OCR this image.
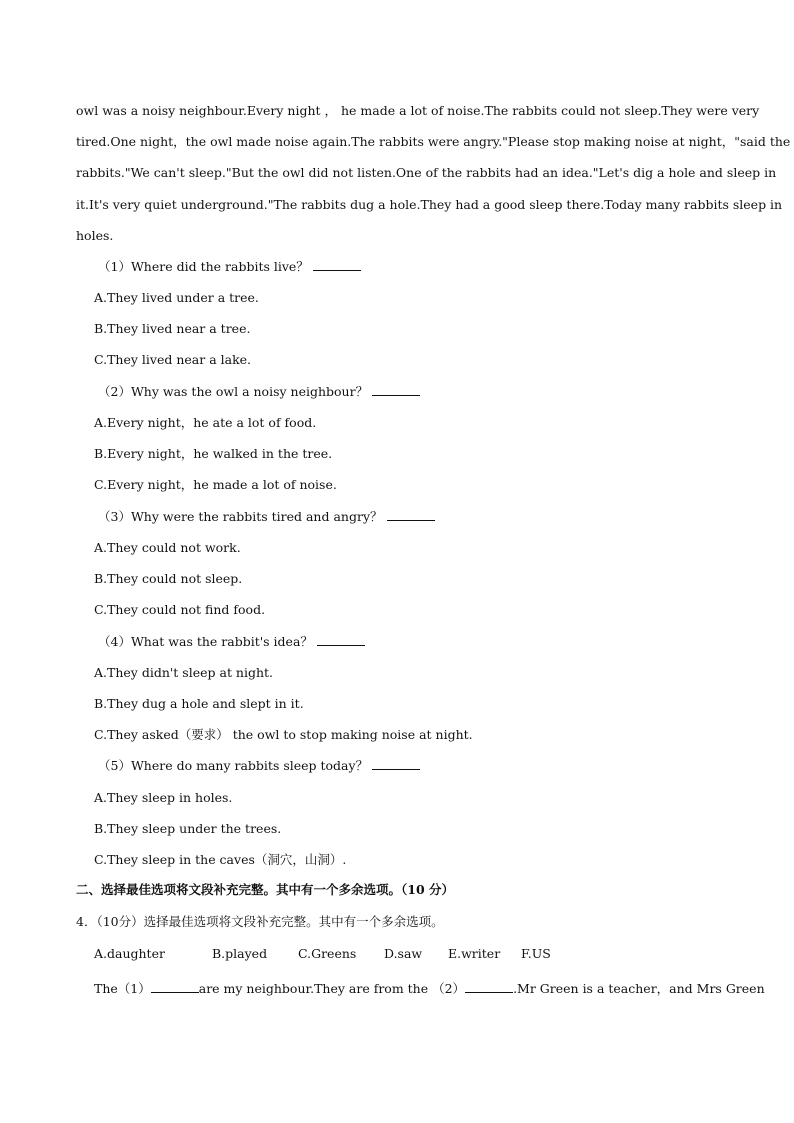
owl was a noisy neighbour.Every night ， he made a lot of noise.The rabbits could not sleep.They were very
tired.One night，the owl made noise again.The rabbits were angry."Please stop making noise at night，"said the
rabbits."We can't sleep."But the owl did not listen.One of the rabbits had an idea."Let's dig a hole and sleep in
it.It's very quiet underground."The rabbits dug a hole.They had a good sleep there.Today many rabbits sleep in
holes.
（1）Where did the rabbits live？
A.They lived under a tree.
B.They lived near a tree.
C.They lived near a lake.
（2）Why was the owl a noisy neighbour？
A.Every night，he ate a lot of food.
B.Every night，he walked in the tree.
C.Every night，he made a lot of noise.
（3）Why were the rabbits tired and angry？
A.They could not work.
B.They could not sleep.
C.They could not find food.
（4）What was the rabbit's idea？
A.They didn't sleep at night.
B.They dug a hole and slept in it.
C.They asked（要求） the owl to stop making noise at night.
（5）Where do many rabbits sleep today？
A.They sleep in holes.
B.They sleep under the trees.
C.They sleep in the caves（洞穴，山洞）.
二、选择最佳选项将文段补充完整。其中有一个多余选项。（10 分）
4．（10分）选择最佳选项将文段补充完整。其中有一个多余选项。
A.daughter	B.played C.Greens D.saw E.writer F.US
The（1）	are my neighbour.They are from the （2）	.Mr Green is a teacher，and Mrs Green
